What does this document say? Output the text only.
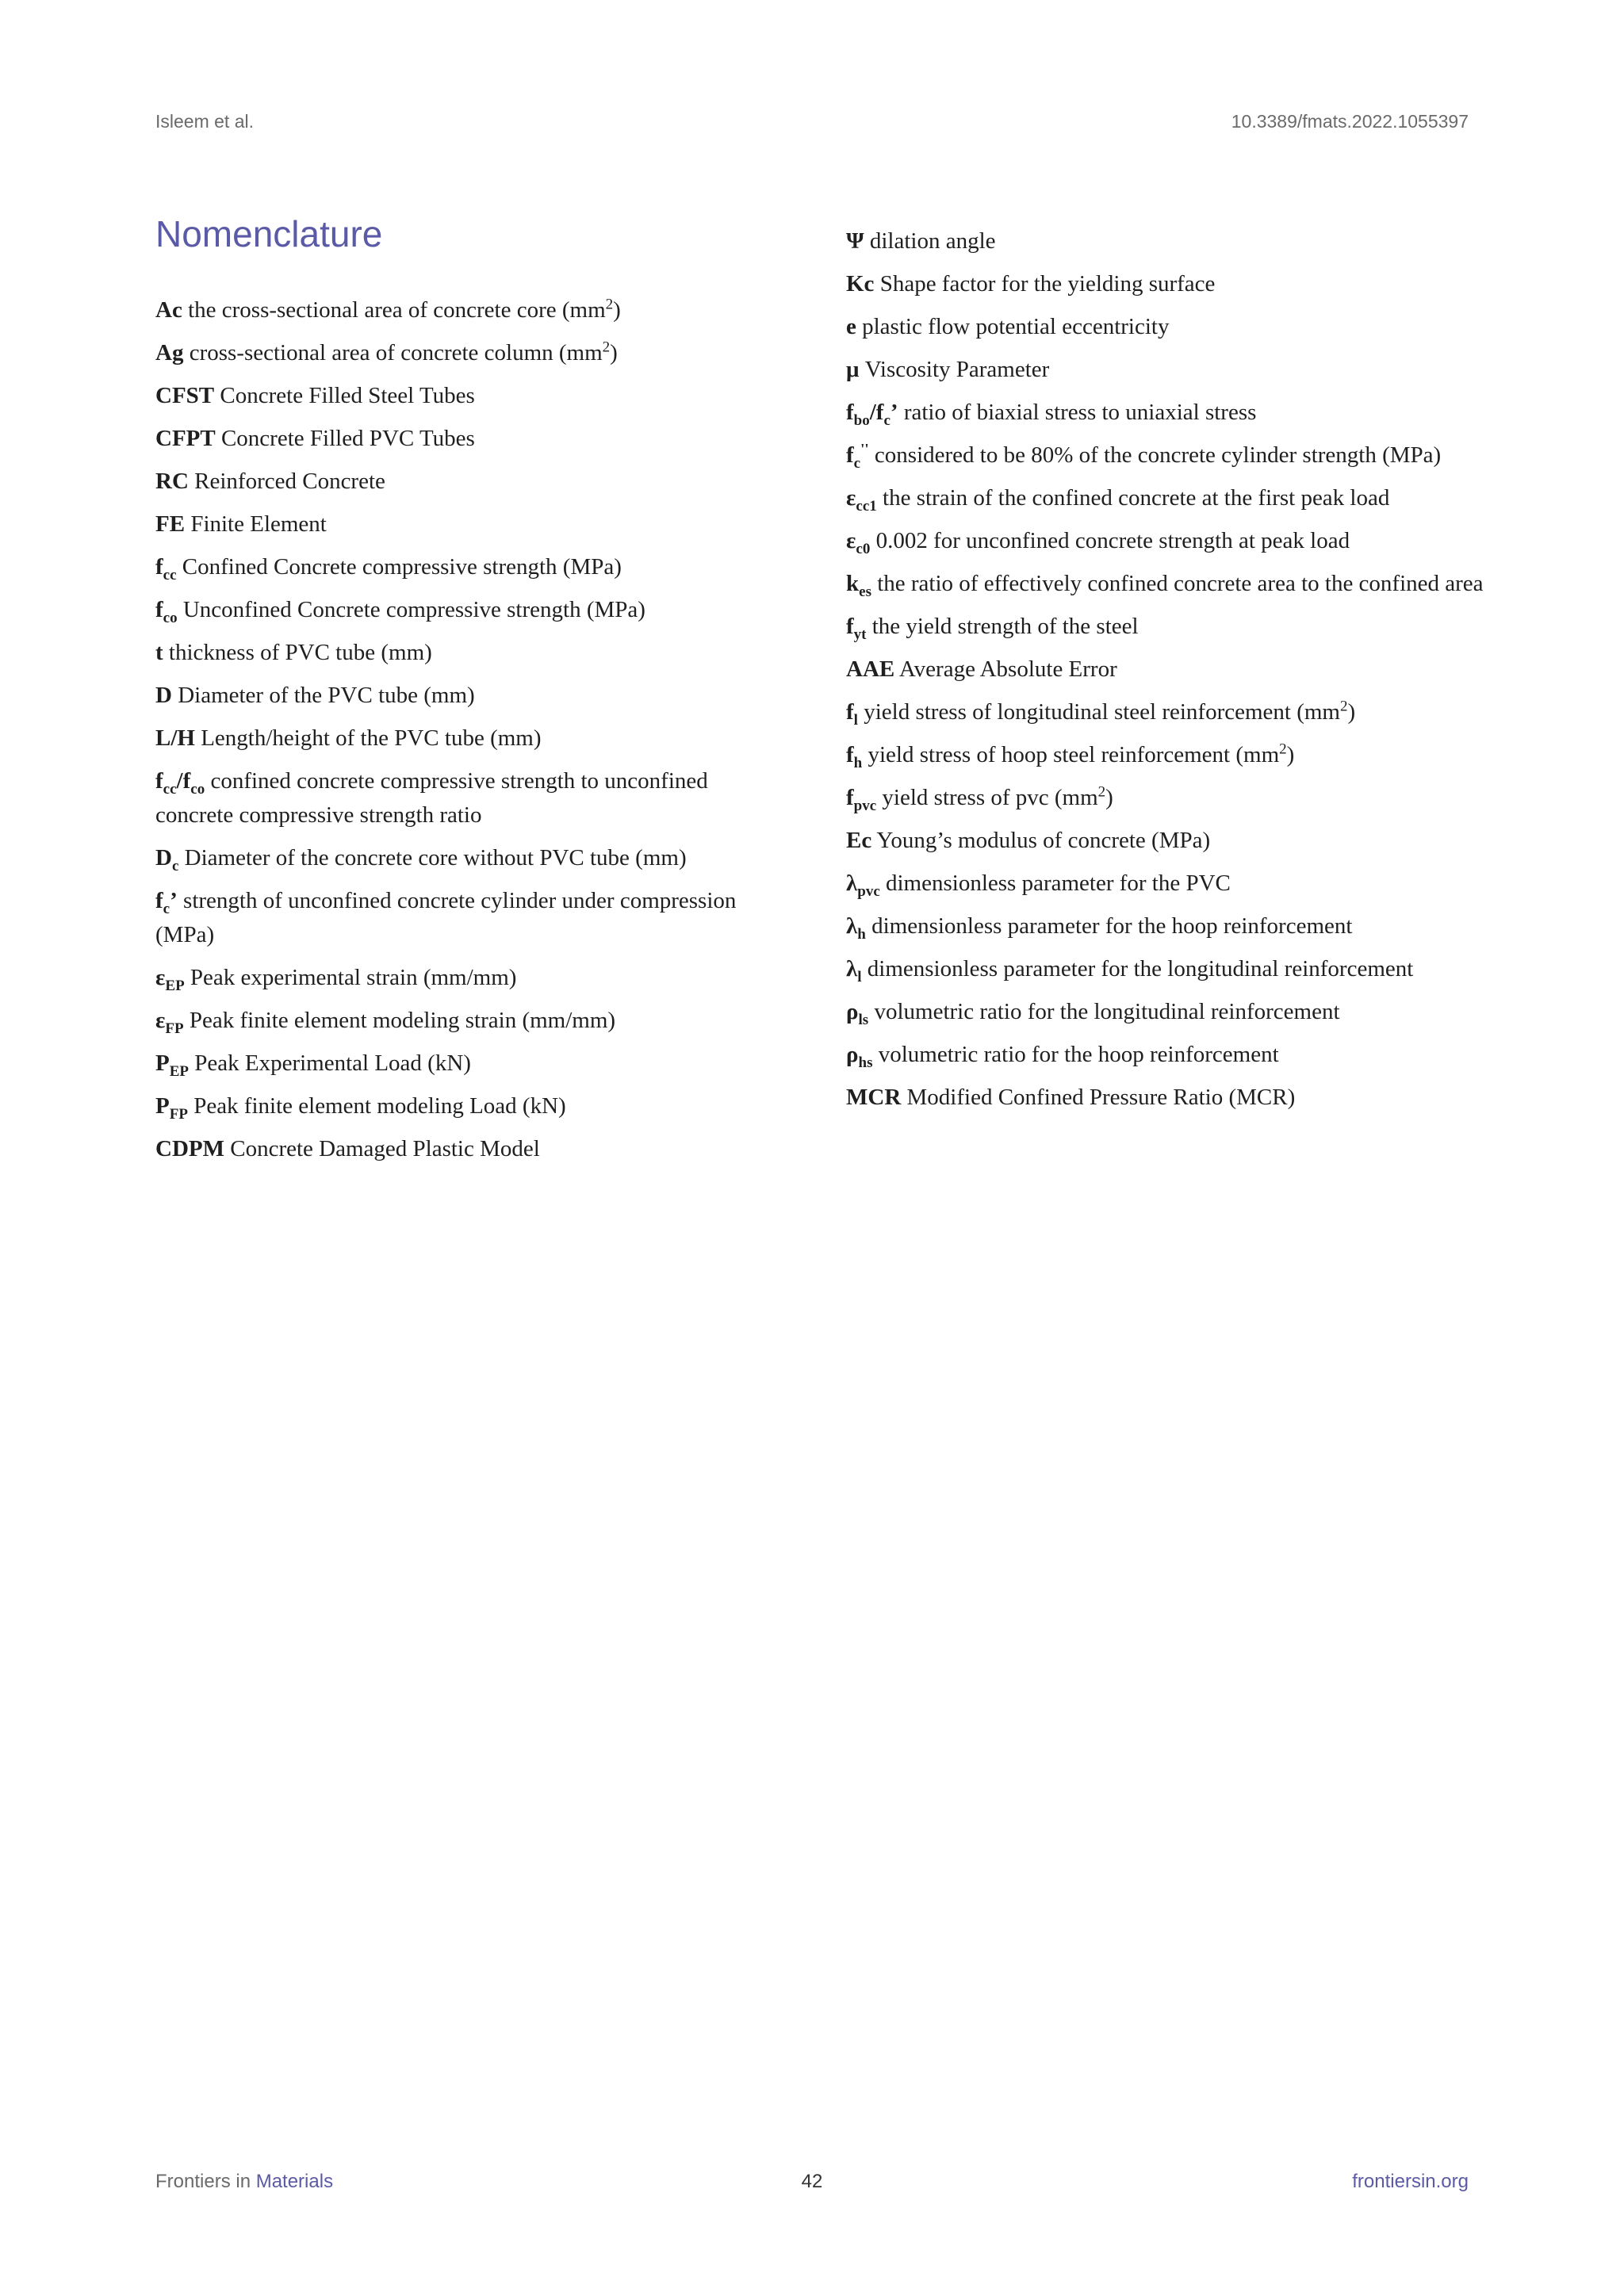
Isleem et al.	10.3389/fmats.2022.1055397
Nomenclature

Ac the cross-sectional area of concrete core $(mm^2)$

Ag cross-sectional area of concrete column $(mm^2)$

CFST Concrete Filled Steel Tubes

CFPT Concrete Filled PVC Tubes

RC Reinforced Concrete

FE Finite Element

$f_{cc}$ Confined Concrete compressive strength (MPa)

$f_{co}$ Unconfined Concrete compressive strength (MPa)

t thickness of PVC tube (mm)

D Diameter of the PVC tube (mm)

L/H Length/height of the PVC tube (mm)

$f_{cc}/f_{co}$ confined concrete compressive strength to unconfined concrete compressive strength ratio

$D_c$ Diameter of the concrete core without PVC tube (mm)

$f_c$’ strength of unconfined concrete cylinder under compression (MPa)

$\varepsilon_{EP}$ Peak experimental strain (mm/mm)

$\varepsilon_{FP}$ Peak finite element modeling strain (mm/mm)

$P_{EP}$ Peak Experimental Load (kN)

$P_{FP}$ Peak finite element modeling Load (kN)

CDPM Concrete Damaged Plastic Model

Ψ dilation angle

Kc Shape factor for the yielding surface

e plastic flow potential eccentricity

μ Viscosity Parameter

$f_{bo}/f_c$’ ratio of biaxial stress to uniaxial stress

$f_c''$ considered to be 80% of the concrete cylinder strength (MPa)

$\varepsilon_{cc1}$ the strain of the confined concrete at the first peak load

$\varepsilon_{c0}$ 0.002 for unconfined concrete strength at peak load

$k_{es}$ the ratio of effectively confined concrete area to the confined area

$f_{yt}$ the yield strength of the steel

AAE Average Absolute Error

$f_l$ yield stress of longitudinal steel reinforcement $(mm^2)$

$f_h$ yield stress of hoop steel reinforcement $(mm^2)$

$f_{pvc}$ yield stress of pvc $(mm^2)$

Ec Young’s modulus of concrete (MPa)

$\lambda_{pvc}$ dimensionless parameter for the PVC

$\lambda_h$ dimensionless parameter for the hoop reinforcement

$\lambda_l$ dimensionless parameter for the longitudinal reinforcement

$\rho_{ls}$ volumetric ratio for the longitudinal reinforcement

$\rho_{hs}$ volumetric ratio for the hoop reinforcement

MCR Modified Confined Pressure Ratio (MCR)

Frontiers in Materials	42	frontiersin.org
